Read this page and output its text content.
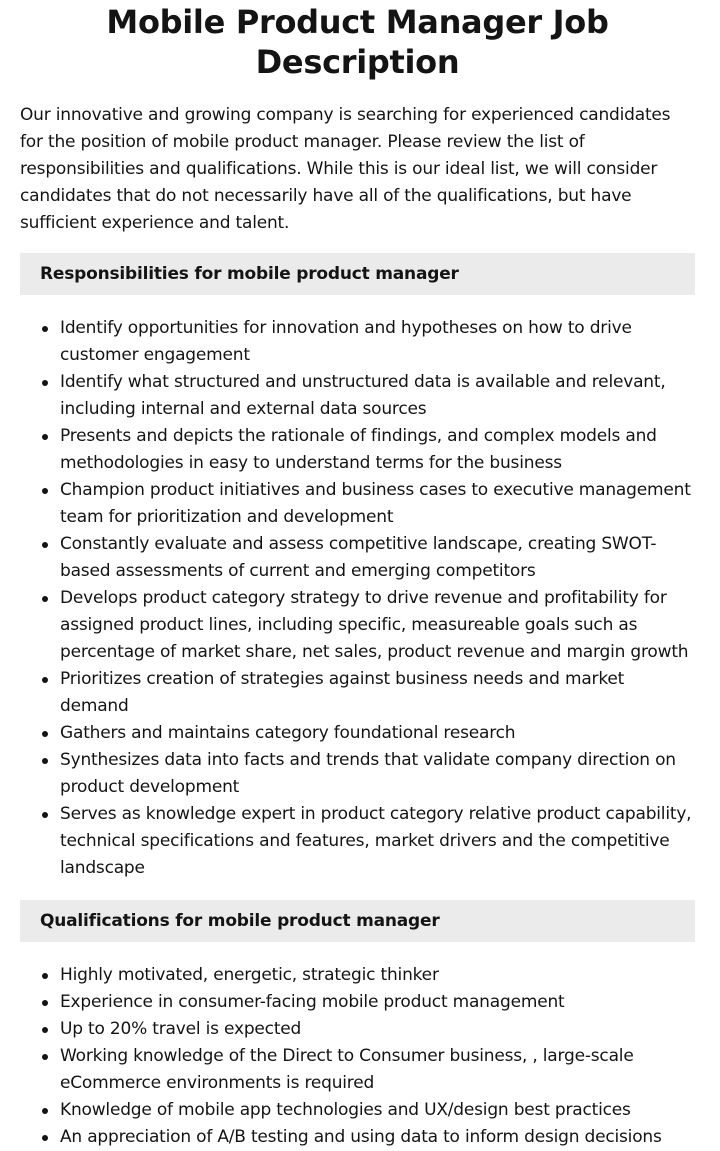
Mobile Product Manager Job Description

Our innovative and growing company is searching for experienced candidates for the position of mobile product manager. Please review the list of responsibilities and qualifications. While this is our ideal list, we will consider candidates that do not necessarily have all of the qualifications, but have sufficient experience and talent.

Responsibilities for mobile product manager
Identify opportunities for innovation and hypotheses on how to drive customer engagement
Identify what structured and unstructured data is available and relevant, including internal and external data sources
Presents and depicts the rationale of findings, and complex models and methodologies in easy to understand terms for the business
Champion product initiatives and business cases to executive management team for prioritization and development
Constantly evaluate and assess competitive landscape, creating SWOT-based assessments of current and emerging competitors
Develops product category strategy to drive revenue and profitability for assigned product lines, including specific, measureable goals such as percentage of market share, net sales, product revenue and margin growth
Prioritizes creation of strategies against business needs and market demand
Gathers and maintains category foundational research
Synthesizes data into facts and trends that validate company direction on product development
Serves as knowledge expert in product category relative product capability, technical specifications and features, market drivers and the competitive landscape
Qualifications for mobile product manager
Highly motivated, energetic, strategic thinker
Experience in consumer-facing mobile product management
Up to 20% travel is expected
Working knowledge of the Direct to Consumer business, , large-scale eCommerce environments is required
Knowledge of mobile app technologies and UX/design best practices
An appreciation of A/B testing and using data to inform design decisions
